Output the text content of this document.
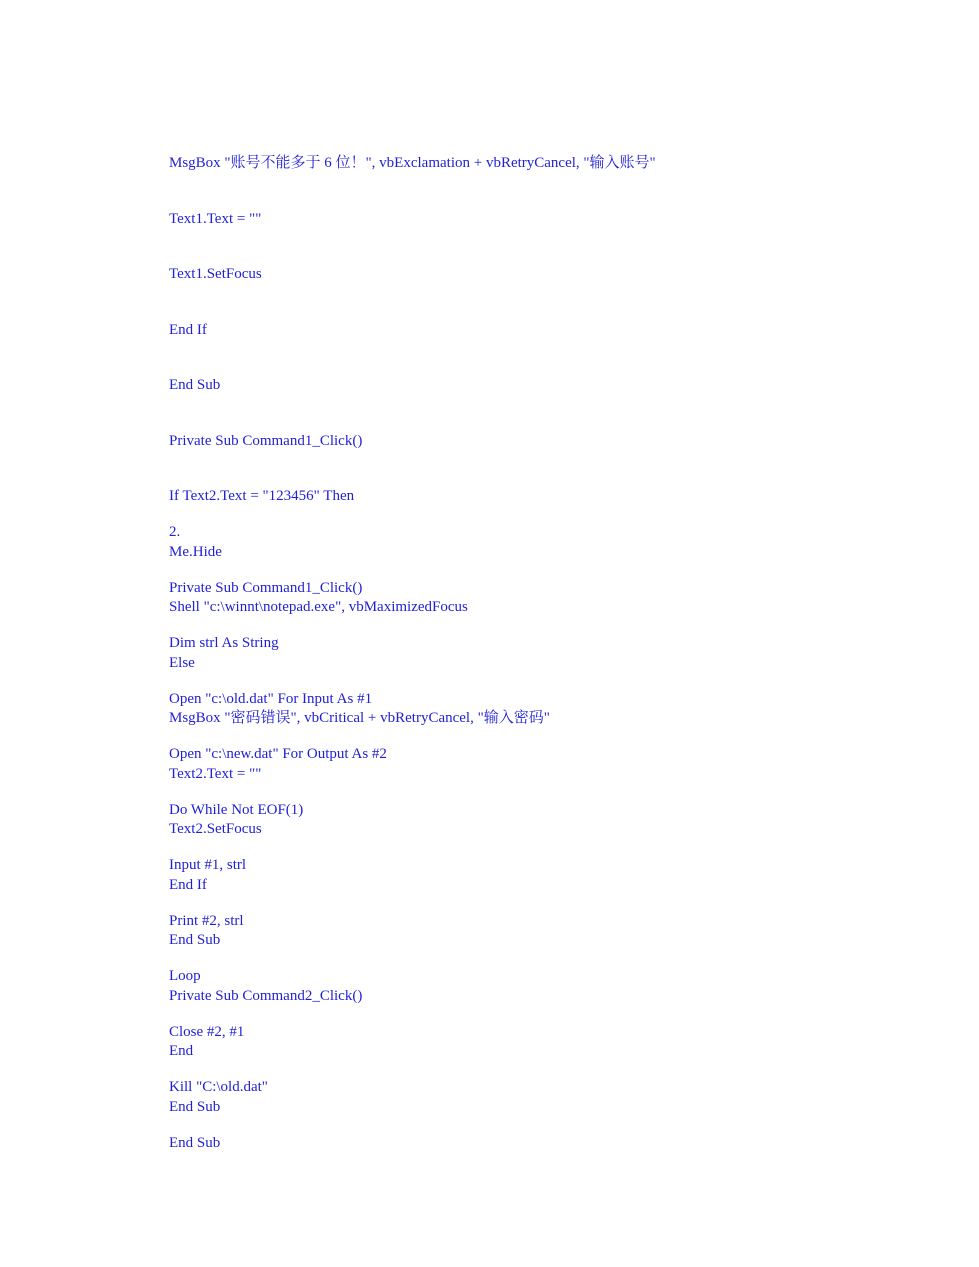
MsgBox "账号不能多于 6 位！", vbExclamation + vbRetryCancel, "输入账号"

Text1.Text = ""

Text1.SetFocus

End If

End Sub

Private Sub Command1_Click()

If Text2.Text = "123456" Then

Me.Hide

Shell "c:\winnt\notepad.exe", vbMaximizedFocus

Else

MsgBox "密码错误", vbCritical + vbRetryCancel, "输入密码"

Text2.Text = ""

Text2.SetFocus

End If

End Sub

Private Sub Command2_Click()

End

End Sub

2.

Private Sub Command1_Click()

Dim strl As String

Open "c:\old.dat" For Input As #1

Open "c:\new.dat" For Output As #2

Do While Not EOF(1)

Input #1, strl

Print #2, strl

Loop

Close #2, #1

Kill "C:\old.dat"

End Sub
